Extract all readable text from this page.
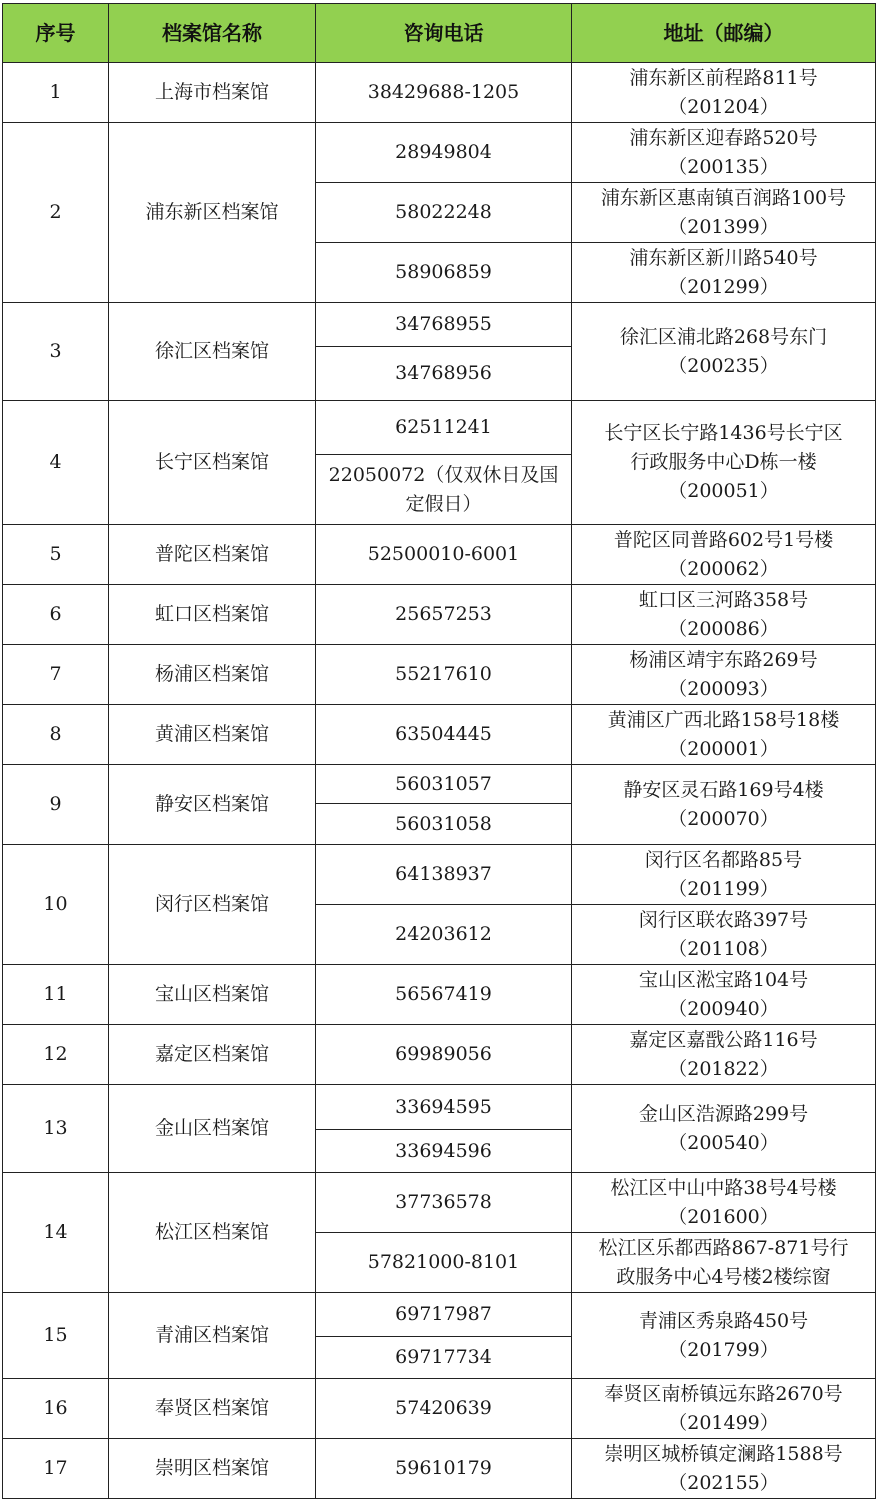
序号	档案馆名称	咨询电话	地址（邮编）
1	上海市档案馆	38429688-1205	浦东新区前程路811号
（201204）

2	浦东新区档案馆	28949804	浦东新区迎春路520号
（200135）

		58022248	浦东新区惠南镇百润路100号
（201399）

		58906859	浦东新区新川路540号
（201299）

3	徐汇区档案馆	34768955	徐汇区浦北路268号东门
（200235）

		34768956	
4	长宁区档案馆	62511241	长宁区长宁路1436号长宁区
行政服务中心D栋一楼
（200051）

		22050072（仅双休日及国定假日）	
5	普陀区档案馆	52500010-6001	普陀区同普路602号1号楼
（200062）

6	虹口区档案馆	25657253	虹口区三河路358号
（200086）

7	杨浦区档案馆	55217610	杨浦区靖宇东路269号
（200093）

8	黄浦区档案馆	63504445	黄浦区广西北路158号18楼
（200001）

9	静安区档案馆	56031057	静安区灵石路169号4楼
（200070）

		56031058	
10	闵行区档案馆	64138937	闵行区名都路85号
（201199）

		24203612	闵行区联农路397号
（201108）

11	宝山区档案馆	56567419	宝山区淞宝路104号
（200940）

12	嘉定区档案馆	69989056	嘉定区嘉戬公路116号
（201822）

13	金山区档案馆	33694595	金山区浩源路299号
（200540）

		33694596	
14	松江区档案馆	37736578	松江区中山中路38号4号楼
（201600）

		57821000-8101	松江区乐都西路867-871号行
政服务中心4号楼2楼综窗

15	青浦区档案馆	69717987	青浦区秀泉路450号
（201799）

		69717734	
16	奉贤区档案馆	57420639	奉贤区南桥镇远东路2670号
（201499）

17	崇明区档案馆	59610179	崇明区城桥镇定澜路1588号
（202155）
